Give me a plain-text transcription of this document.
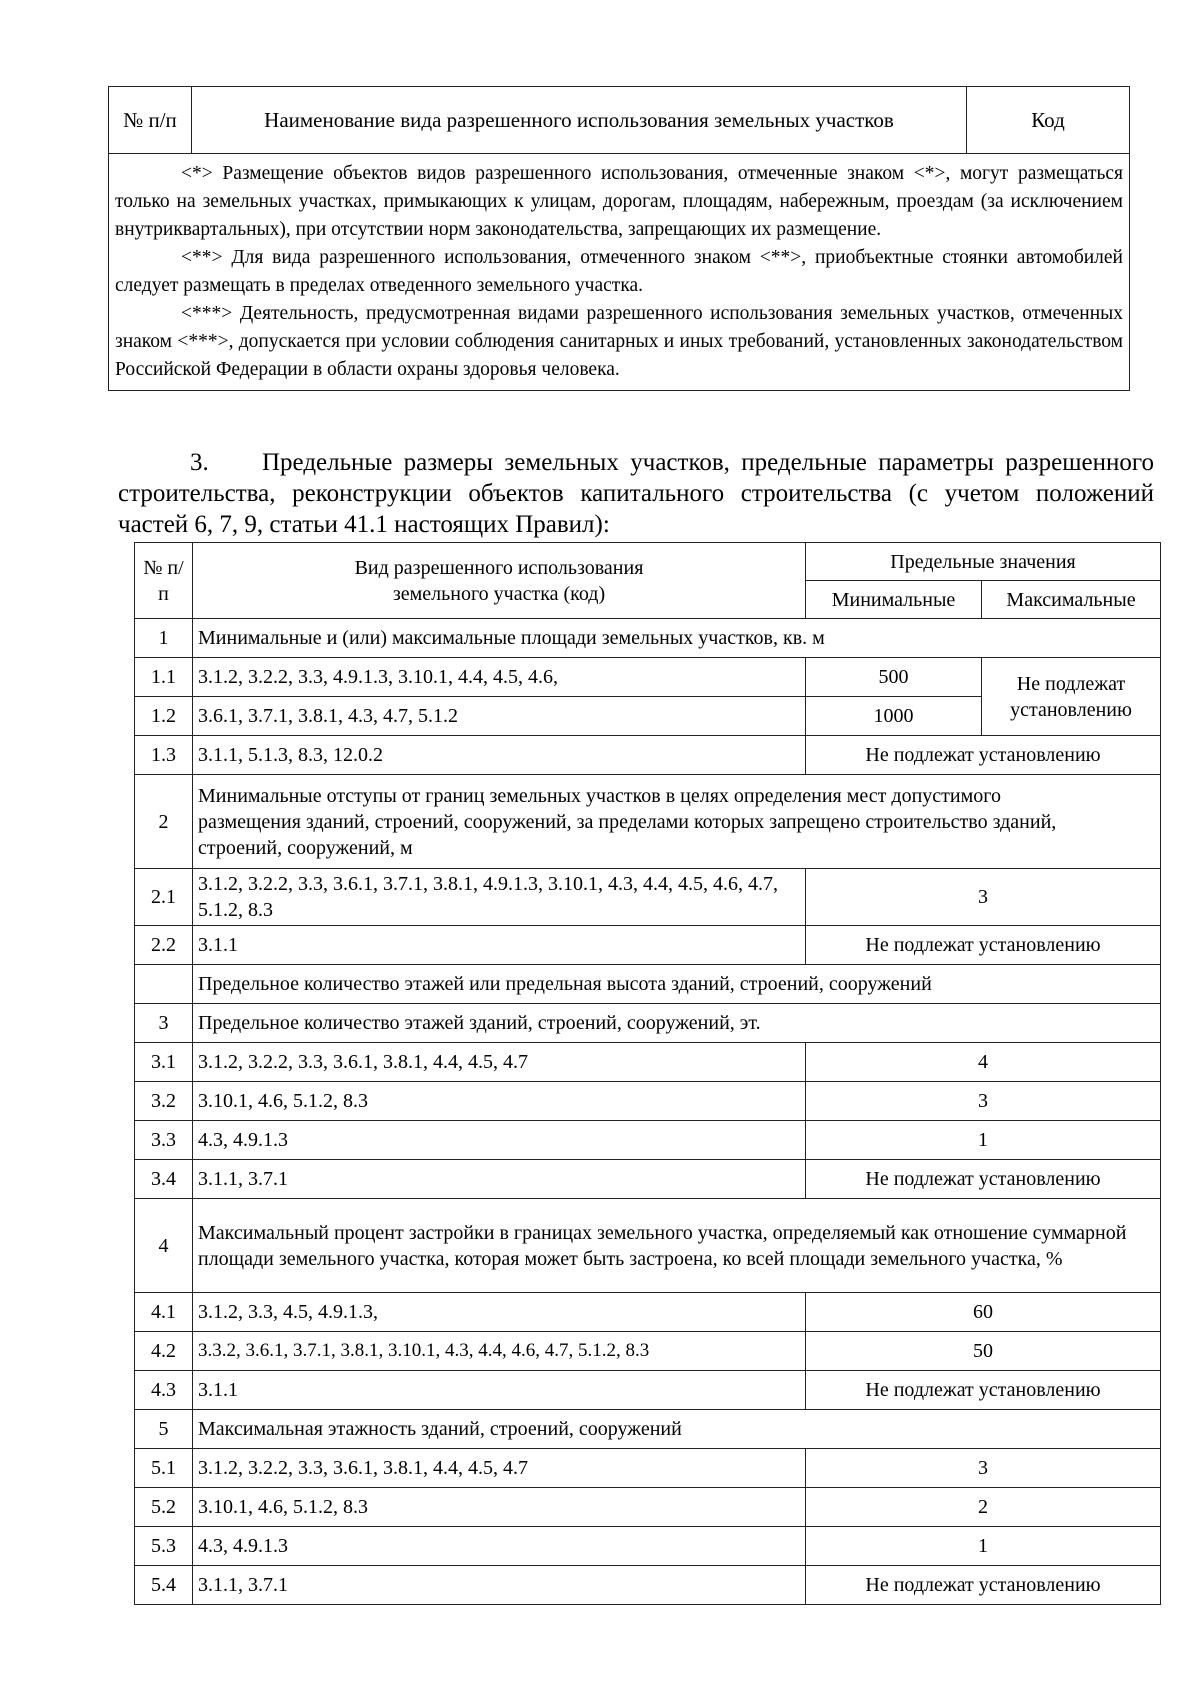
№ п/п	Наименование вида разрешенного использования земельных участков	Код

<*> Размещение объектов видов разрешенного использования, отмеченные знаком <*>, могут размещаться только на земельных участках, примыкающих к улицам, дорогам, площадям, набережным, проездам (за исключением внутриквартальных), при отсутствии норм законодательства, запрещающих их размещение.

<**> Для вида разрешенного использования, отмеченного знаком <**>, приобъектные стоянки автомобилей следует размещать в пределах отведенного земельного участка.

<***> Деятельность, предусмотренная видами разрешенного использования земельных участков, отмеченных знаком <***>, допускается при условии соблюдения санитарных и иных требований, установленных законодательством Российской Федерации в области охраны здоровья человека.

3. Предельные размеры земельных участков, предельные параметры разрешенного строительства, реконструкции объектов капитального строительства (с учетом положений частей 6, 7, 9, статьи 41.1 настоящих Правил):

№ п/п	Вид разрешенного использования земельного участка (код)	Предельные значения	
		Минимальные	Максимальные
1	Минимальные и (или) максимальные площади земельных участков, кв. м		
1.1	3.1.2, 3.2.2, 3.3, 4.9.1.3, 3.10.1, 4.4, 4.5, 4.6,	500	Не подлежат установлению
1.2	3.6.1, 3.7.1, 3.8.1, 4.3, 4.7, 5.1.2	1000	
1.3	3.1.1, 5.1.3, 8.3, 12.0.2	Не подлежат установлению	
2	Минимальные отступы от границ земельных участков в целях определения мест допустимого размещения зданий, строений, сооружений, за пределами которых запрещено строительство зданий, строений, сооружений, м		
2.1	3.1.2, 3.2.2, 3.3, 3.6.1, 3.7.1, 3.8.1, 4.9.1.3, 3.10.1, 4.3, 4.4, 4.5, 4.6, 4.7, 5.1.2, 8.3	3	
2.2	3.1.1	Не подлежат установлению	
	Предельное количество этажей или предельная высота зданий, строений, сооружений		
3	Предельное количество этажей зданий, строений, сооружений, эт.		
3.1	3.1.2, 3.2.2, 3.3, 3.6.1, 3.8.1, 4.4, 4.5, 4.7	4	
3.2	3.10.1, 4.6, 5.1.2, 8.3	3	
3.3	4.3, 4.9.1.3	1	
3.4	3.1.1, 3.7.1	Не подлежат установлению	
4	Максимальный процент застройки в границах земельного участка, определяемый как отношение суммарной площади земельного участка, которая может быть застроена, ко всей площади земельного участка, %		
4.1	3.1.2, 3.3, 4.5, 4.9.1.3,	60	
4.2	3.3.2, 3.6.1, 3.7.1, 3.8.1, 3.10.1, 4.3, 4.4, 4.6, 4.7, 5.1.2, 8.3	50	
4.3	3.1.1	Не подлежат установлению	
5	Максимальная этажность зданий, строений, сооружений		
5.1	3.1.2, 3.2.2, 3.3, 3.6.1, 3.8.1, 4.4, 4.5, 4.7	3	
5.2	3.10.1, 4.6, 5.1.2, 8.3	2	
5.3	4.3, 4.9.1.3	1	
5.4	3.1.1, 3.7.1	Не подлежат установлению	
